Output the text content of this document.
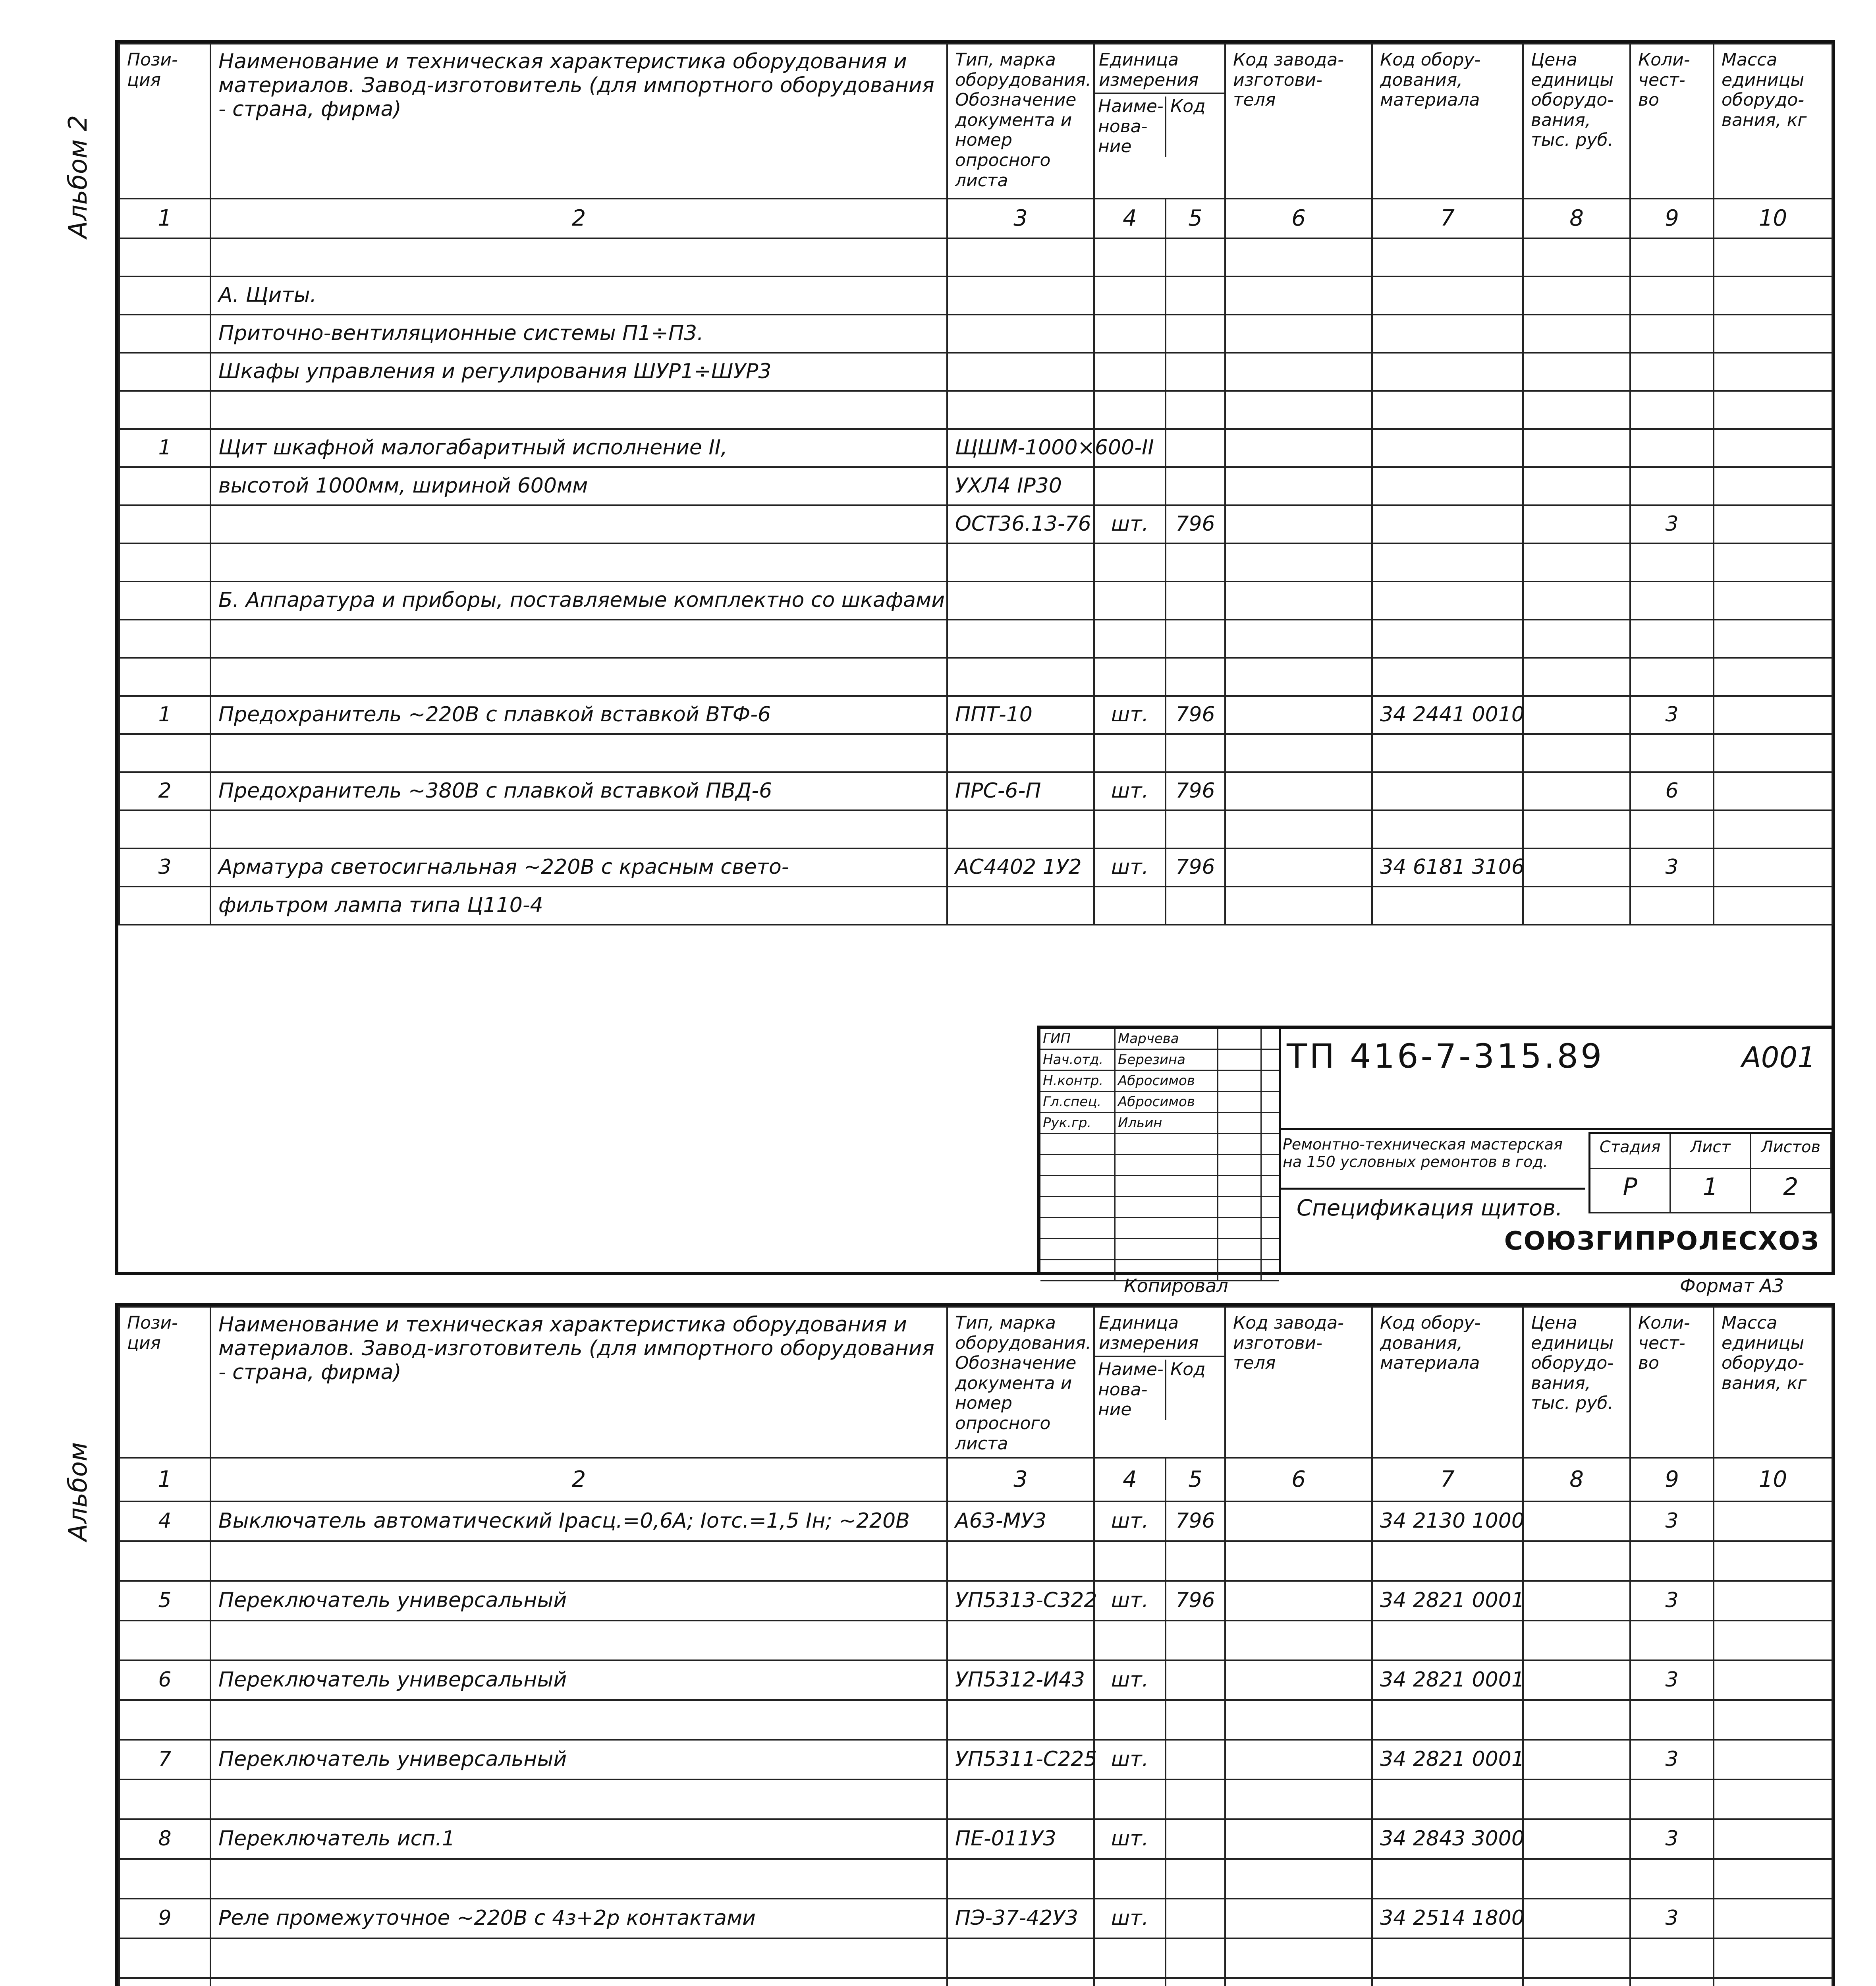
Альбом 2
Альбом
Пози-ция	Наименование и техническая характеристика оборудования и материалов. Завод-изготовитель (для импортного оборудования - страна, фирма)	Тип, марка оборудования. Обозначение документа и номер опросного листа	Единица измерения
Наиме-нова-ние
Код		Код завода-изготови-теля	Код обору-дования, материала	Цена единицы оборудо-вания, тыс. руб.	Коли-чест-во	Масса единицы оборудо-вания, кг
1	2	3	4	5	6	7	8	9	10

	А. Щиты.								
	Приточно-вентиляционные системы П1÷П3.								
	Шкафы управления и регулирования ШУР1÷ШУР3								

1	Щит шкафной малогабаритный исполнение II,	ЩШМ-1000×600-II							
	высотой 1000мм, шириной 600мм	УХЛ4 IP30							
		ОСТ36.13-76	шт.	796				3	

	Б. Аппаратура и приборы, поставляемые комплектно со шкафами								

1	Предохранитель ~220В с плавкой вставкой ВТФ-6	ППТ-10	шт.	796		34 2441 0010		3	

2	Предохранитель ~380В с плавкой вставкой ПВД-6	ПРС-6-П	шт.	796				6	

3	Арматура светосигнальная ~220В с красным свето-	АС4402 1У2	шт.	796		34 6181 3106		3	
	фильтром лампа типа Ц110-4								
ГИП	Марчева
Нач.отд.	Березина
Н.контр.	Абросимов
Гл.спец.	Абросимов
Рук.гр.	Ильин
ТП 416-7-315.89	А001
Ремонтно-техническая мастерская на 150 условных ремонтов в год.
Стадия	Лист	Листов
Р	1	2
Спецификация щитов.
СОЮЗГИПРОЛЕСХОЗ
Копировал	Формат А3
Пози-ция	Наименование и техническая характеристика оборудования и материалов. Завод-изготовитель (для импортного оборудования - страна, фирма)	Тип, марка оборудования. Обозначение документа и номер опросного листа	Единица измерения
Наиме-нова-ние
Код		Код завода-изготови-теля	Код обору-дования, материала	Цена единицы оборудо-вания, тыс. руб.	Коли-чест-во	Масса единицы оборудо-вания, кг
1	2	3	4	5	6	7	8	9	10
4	Выключатель автоматический Iрасц.=0,6А; Iотс.=1,5 Iн; ~220В	А63-МУ3	шт.	796		34 2130 1000		3	

5	Переключатель универсальный	УП5313-С322	шт.	796		34 2821 0001		3	

6	Переключатель универсальный	УП5312-И43	шт.			34 2821 0001		3	

7	Переключатель универсальный	УП5311-С225	шт.			34 2821 0001		3	

8	Переключатель исп.1	ПЕ-011У3	шт.			34 2843 3000		3	

9	Реле промежуточное ~220В с 4з+2р контактами	ПЭ-37-42У3	шт.			34 2514 1800		3	
